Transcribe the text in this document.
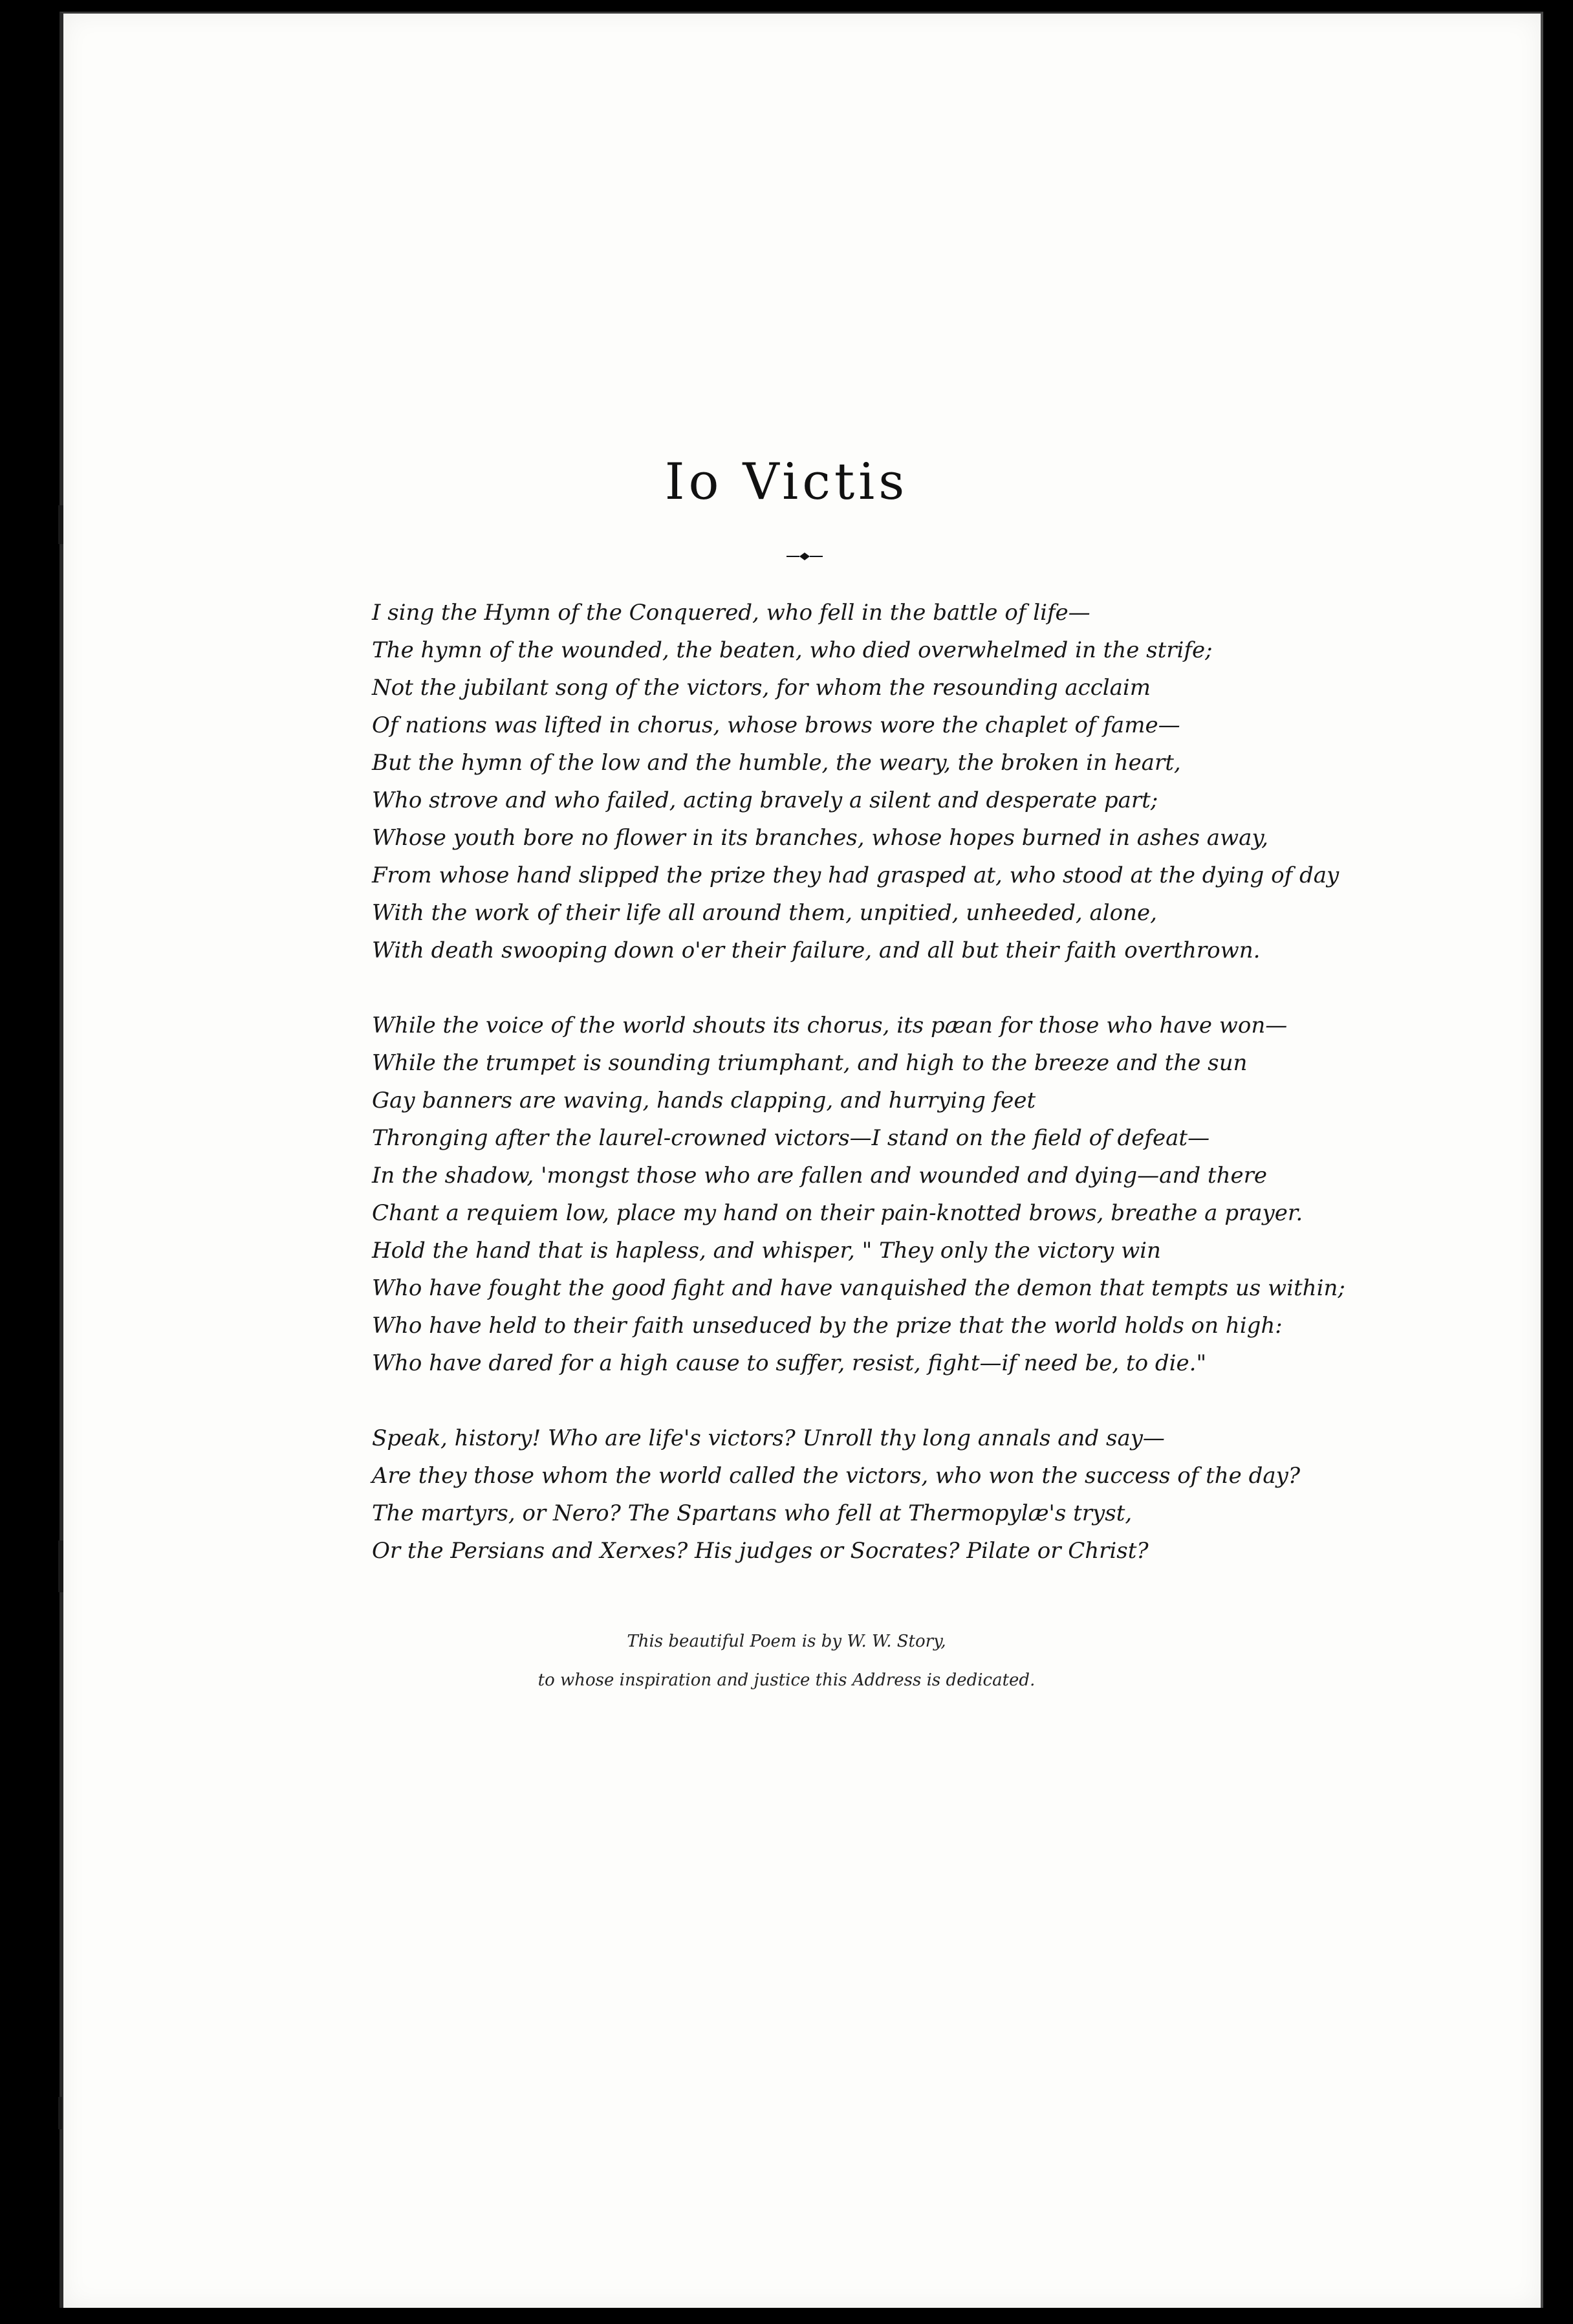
Io Victis
I sing the Hymn of the Conquered, who fell in the battle of life—
The hymn of the wounded, the beaten, who died overwhelmed in the strife;
Not the jubilant song of the victors, for whom the resounding acclaim
Of nations was lifted in chorus, whose brows wore the chaplet of fame—
But the hymn of the low and the humble, the weary, the broken in heart,
Who strove and who failed, acting bravely a silent and desperate part;
Whose youth bore no flower in its branches, whose hopes burned in ashes away,
From whose hand slipped the prize they had grasped at, who stood at the dying of day
With the work of their life all around them, unpitied, unheeded, alone,
With death swooping down o'er their failure, and all but their faith overthrown.
While the voice of the world shouts its chorus, its pæan for those who have won—
While the trumpet is sounding triumphant, and high to the breeze and the sun
Gay banners are waving, hands clapping, and hurrying feet
Thronging after the laurel-crowned victors—I stand on the field of defeat—
In the shadow, 'mongst those who are fallen and wounded and dying—and there
Chant a requiem low, place my hand on their pain-knotted brows, breathe a prayer.
Hold the hand that is hapless, and whisper, " They only the victory win
Who have fought the good fight and have vanquished the demon that tempts us within;
Who have held to their faith unseduced by the prize that the world holds on high:
Who have dared for a high cause to suffer, resist, fight—if need be, to die."
Speak, history! Who are life's victors? Unroll thy long annals and say—
Are they those whom the world called the victors, who won the success of the day?
The martyrs, or Nero? The Spartans who fell at Thermopylæ's tryst,
Or the Persians and Xerxes? His judges or Socrates? Pilate or Christ?
This beautiful Poem is by W. W. Story,
to whose inspiration and justice this Address is dedicated.
